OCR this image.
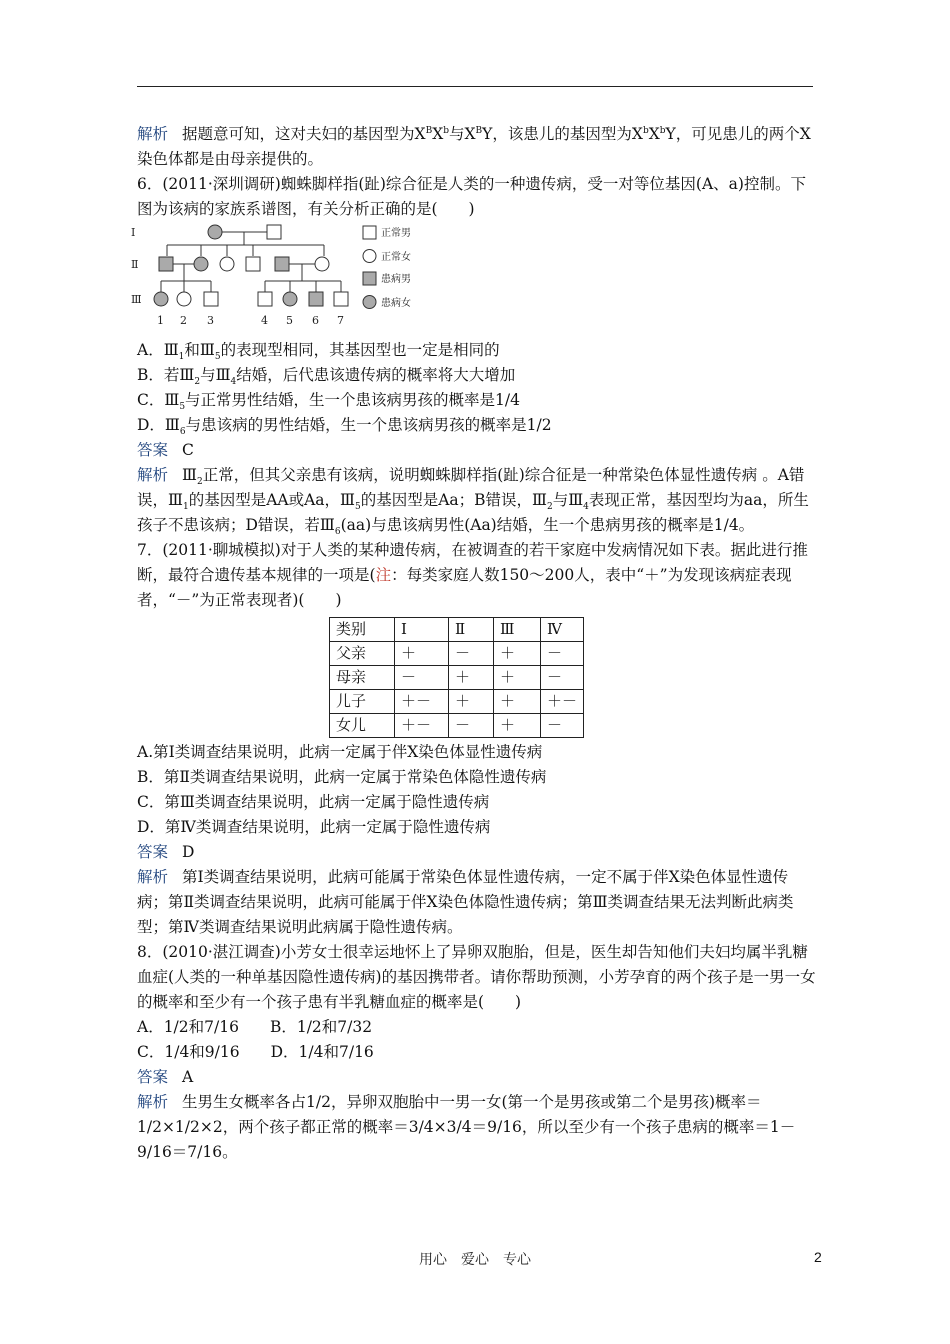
解析 据题意可知，这对夫妇的基因型为$X^BX^b$与$X^BY$，该患儿的基因型为$X^bX^bY$，可见患儿的两个X染色体都是由母亲提供的。

6．(2011·深圳调研)蜘蛛脚样指(趾)综合征是人类的一种遗传病，受一对等位基因(A、a)控制。下图为该病的家族系谱图，有关分析正确的是(　　)

Ⅰ
Ⅱ
Ⅲ
1 2 3	4 5 6 7
正常男
正常女
患病男
患病女

A．$Ⅲ_1$和$Ⅲ_5$的表现型相同，其基因型也一定是相同的

B．若$Ⅲ_2$与$Ⅲ_4$结婚，后代患该遗传病的概率将大大增加

C．$Ⅲ_5$与正常男性结婚，生一个患该病男孩的概率是1/4

D．$Ⅲ_6$与患该病的男性结婚，生一个患该病男孩的概率是1/2

答案 C

解析 $Ⅲ_2$正常，但其父亲患有该病，说明蜘蛛脚样指(趾)综合征是一种常染色体显性遗传病 。A错误，$Ⅲ_1$的基因型是AA或Aa，$Ⅲ_5$的基因型是Aa；B错误，$Ⅲ_2$与$Ⅲ_4$表现正常，基因型均为aa，所生孩子不患该病；D错误，若$Ⅲ_6(aa)$与患该病男性(Aa)结婚，生一个患病男孩的概率是1/4。

7．(2011·聊城模拟)对于人类的某种遗传病，在被调查的若干家庭中发病情况如下表。据此进行推断，最符合遗传基本规律的一项是(注：每类家庭人数150～200人，表中“＋”为发现该病症表现者，“－”为正常表现者)(　　)

类别	Ⅰ	Ⅱ	Ⅲ	Ⅳ
父亲	＋	－	＋	－
母亲	－	＋	＋	－
儿子	＋－	＋	＋	＋－
女儿	＋－	－	＋	－

A.第Ⅰ类调查结果说明，此病一定属于伴X染色体显性遗传病

B．第Ⅱ类调查结果说明，此病一定属于常染色体隐性遗传病

C．第Ⅲ类调查结果说明，此病一定属于隐性遗传病

D．第Ⅳ类调查结果说明，此病一定属于隐性遗传病

答案 D

解析 第Ⅰ类调查结果说明，此病可能属于常染色体显性遗传病，一定不属于伴X染色体显性遗传病；第Ⅱ类调查结果说明，此病可能属于伴X染色体隐性遗传病；第Ⅲ类调查结果无法判断此病类型；第Ⅳ类调查结果说明此病属于隐性遗传病。

8．(2010·湛江调查)小芳女士很幸运地怀上了异卵双胞胎，但是，医生却告知他们夫妇均属半乳糖血症(人类的一种单基因隐性遗传病)的基因携带者。请你帮助预测，小芳孕育的两个孩子是一男一女的概率和至少有一个孩子患有半乳糖血症的概率是(　　)

A．1/2和7/16　　B．1/2和7/32

C．1/4和9/16　　D．1/4和7/16

答案 A

解析 生男生女概率各占1/2，异卵双胞胎中一男一女(第一个是男孩或第二个是男孩)概率＝1/2×1/2×2，两个孩子都正常的概率＝3/4×3/4＝9/16，所以至少有一个孩子患病的概率＝1－9/16＝7/16。

用心　爱心　专心	2
